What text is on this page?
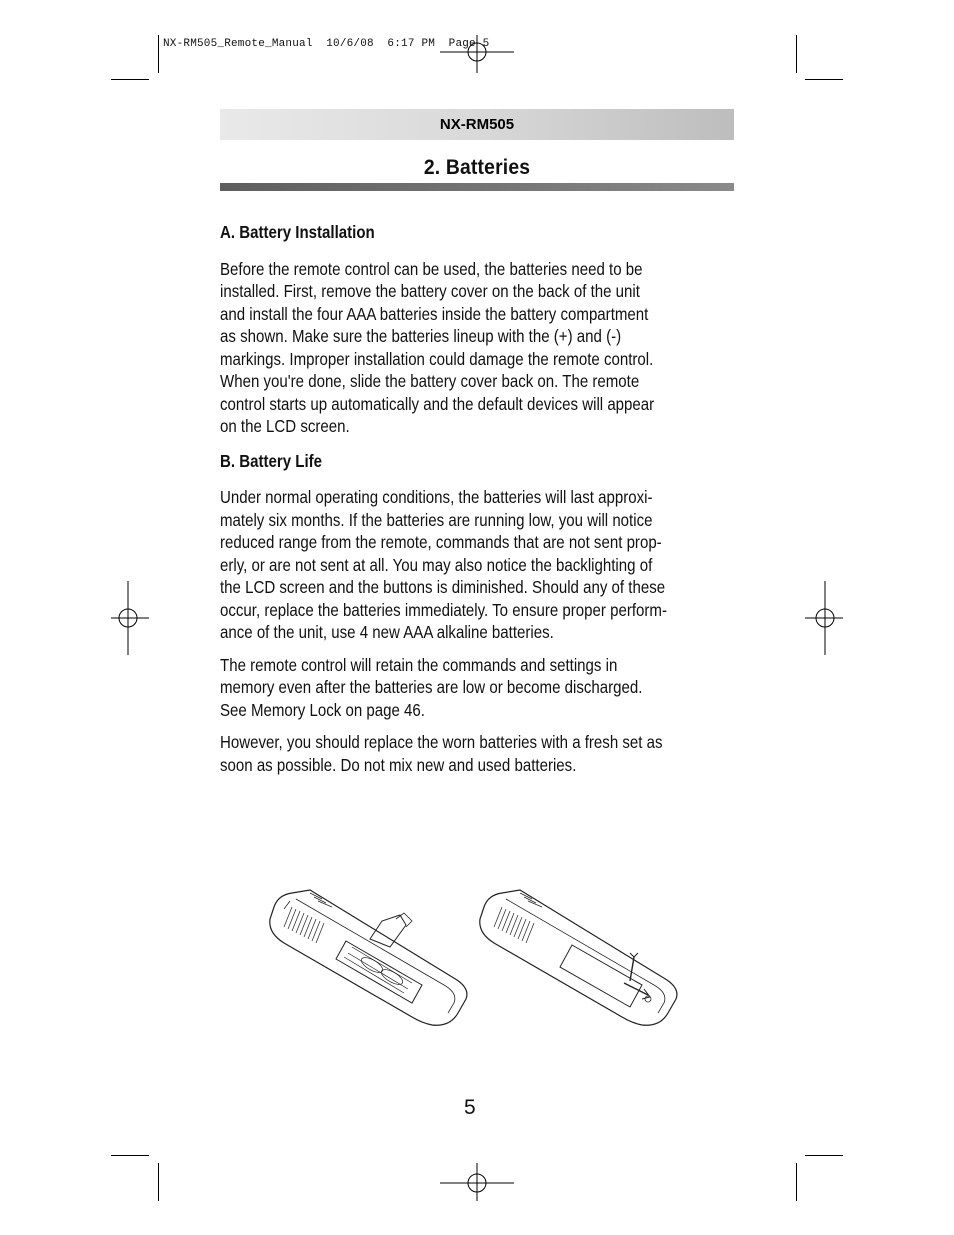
NX-RM505_Remote_Manual  10/6/08  6:17 PM  Page 5
NX-RM505
2. Batteries
A. Battery Installation
Before the remote control can be used, the batteries need to be
installed. First, remove the battery cover on the back of the unit
and install the four AAA batteries inside the battery compartment
as shown. Make sure the batteries lineup with the (+) and (-)
markings. Improper installation could damage the remote control.
When you're done, slide the battery cover back on. The remote
control starts up automatically and the default devices will appear
on the LCD screen.
B. Battery Life
Under normal operating conditions, the batteries will last approxi-
mately six months. If the batteries are running low, you will notice
reduced range from the remote, commands that are not sent prop-
erly, or are not sent at all. You may also notice the backlighting of
the LCD screen and the buttons is diminished. Should any of these
occur, replace the batteries immediately. To ensure proper perform-
ance of the unit, use 4 new AAA alkaline batteries.
The remote control will retain the commands and settings in
memory even after the batteries are low or become discharged.
See Memory Lock on page 46.
However, you should replace the worn batteries with a fresh set as
soon as possible. Do not mix new and used batteries.
5
